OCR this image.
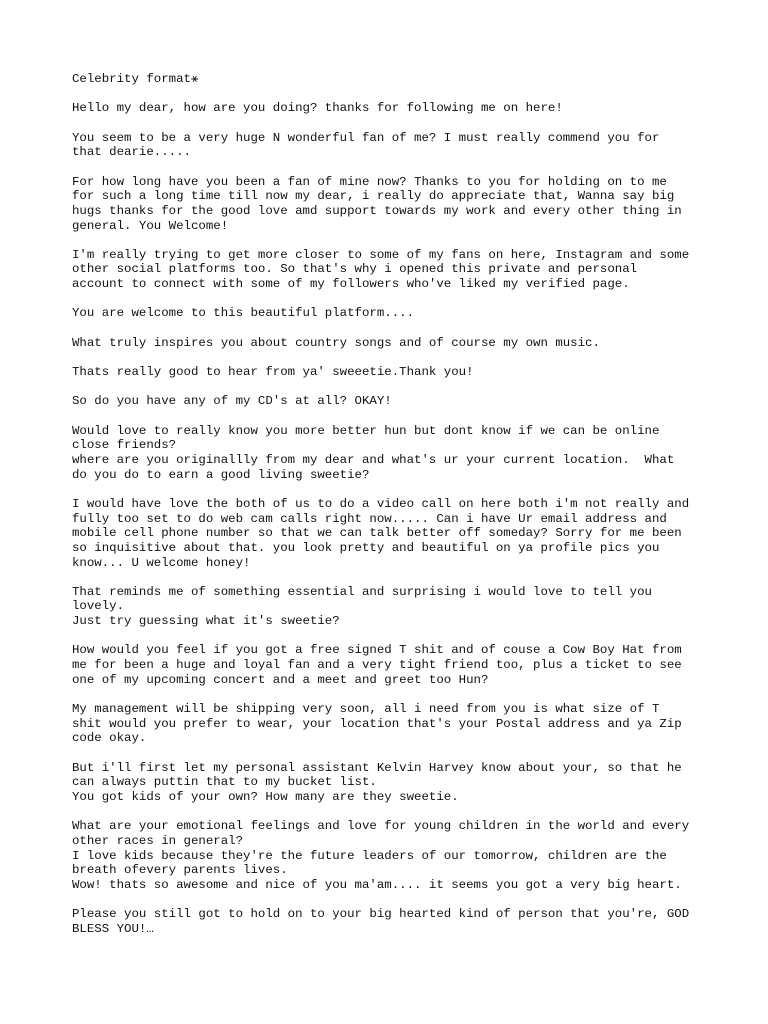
Celebrity format⚹
Hello my dear, how are you doing? thanks for following me on here!
You seem to be a very huge N wonderful fan of me? I must really commend you for
that dearie.....
For how long have you been a fan of mine now? Thanks to you for holding on to me
for such a long time till now my dear, i really do appreciate that, Wanna say big
hugs thanks for the good love amd support towards my work and every other thing in
general. You Welcome!
I'm really trying to get more closer to some of my fans on here, Instagram and some
other social platforms too. So that's why i opened this private and personal
account to connect with some of my followers who've liked my verified page.
You are welcome to this beautiful platform....
What truly inspires you about country songs and of course my own music.
Thats really good to hear from ya' sweeetie.Thank you!
So do you have any of my CD's at all? OKAY!
Would love to really know you more better hun but dont know if we can be online
close friends?
where are you originallly from my dear and what's ur your current location.  What
do you do to earn a good living sweetie?
I would have love the both of us to do a video call on here both i'm not really and
fully too set to do web cam calls right now..... Can i have Ur email address and
mobile cell phone number so that we can talk better off someday? Sorry for me been
so inquisitive about that. you look pretty and beautiful on ya profile pics you
know... U welcome honey!
That reminds me of something essential and surprising i would love to tell you
lovely.
Just try guessing what it's sweetie?
How would you feel if you got a free signed T shit and of couse a Cow Boy Hat from
me for been a huge and loyal fan and a very tight friend too, plus a ticket to see
one of my upcoming concert and a meet and greet too Hun?
My management will be shipping very soon, all i need from you is what size of T
shit would you prefer to wear, your location that's your Postal address and ya Zip
code okay.
But i'll first let my personal assistant Kelvin Harvey know about your, so that he
can always puttin that to my bucket list.
You got kids of your own? How many are they sweetie.
What are your emotional feelings and love for young children in the world and every
other races in general?
I love kids because they're the future leaders of our tomorrow, children are the
breath ofevery parents lives.
Wow! thats so awesome and nice of you ma'am.... it seems you got a very big heart.
Please you still got to hold on to your big hearted kind of person that you're, GOD
BLESS YOU!…
